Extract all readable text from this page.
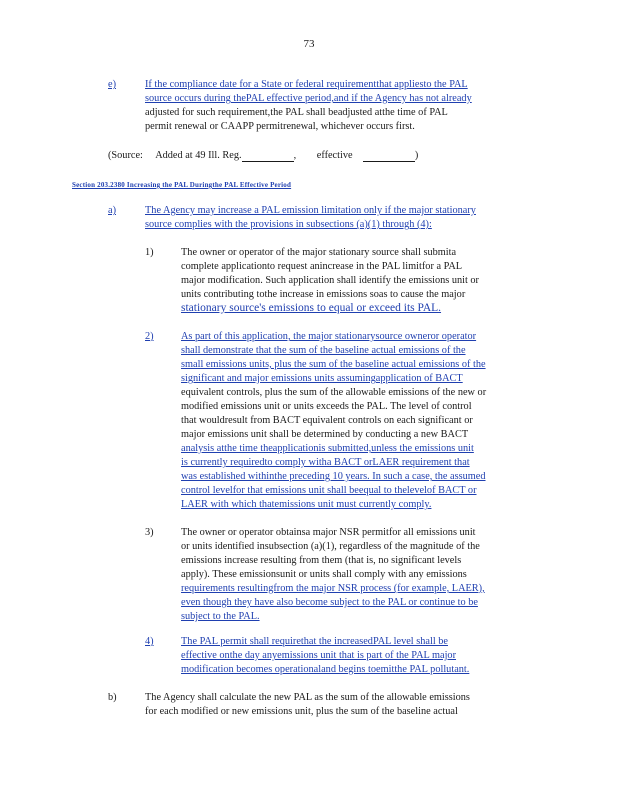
73
e)	If the compliance date for a State or federal requirementthat appliesto the PAL
source occurs during thePAL effective period,and if the Agency has not already
adjusted for such requirement,the PAL shall beadjusted atthe time of PAL
permit renewal or CAAPP permitrenewal, whichever occurs first.
(Source: Added at 49 Ill. Reg.	,        effective	)
Section 203.2380 Increasing the PAL Duringthe PAL Effective Period
a)	The Agency may increase a PAL emission limitation only if the major stationary
source complies with the provisions in subsections (a)(1) through (4):
1)	The owner or operator of the major stationary source shall submita
complete applicationto request anincrease in the PAL limitfor a PAL
major modification. Such application shall identify the emissions unit or
units contributing tothe increase in emissions soas to cause the major
stationary source's emissions to equal or exceed its PAL.
2)	As part of this application, the major stationarysource owneror operator
shall demonstrate that the sum of the baseline actual emissions of the
small emissions units, plus the sum of the baseline actual emissions of the
significant and major emissions units assumingapplication of BACT
equivalent controls, plus the sum of the allowable emissions of the new or
modified emissions unit or units exceeds the PAL. The level of control
that wouldresult from BACT equivalent controls on each significant or
major emissions unit shall be determined by conducting a new BACT
analysis atthe time theapplicationis submitted,unless the emissions unit
is currently requiredto comply witha BACT orLAER requirement that
was established withinthe preceding 10 years. In such a case, the assumed
control levelfor that emissions unit shall beequal to thelevelof BACT or
LAER with which thatemissions unit must currently comply.
3)	The owner or operator obtainsa major NSR permitfor all emissions unit
or units identified insubsection (a)(1), regardless of the magnitude of the
emissions increase resulting from them (that is, no significant levels
apply). These emissionsunit or units shall comply with any emissions
requirements resultingfrom the major NSR process (for example, LAER),
even though they have also become subject to the PAL or continue to be
subject to the PAL.
4)	The PAL permit shall requirethat the increasedPAL level shall be
effective onthe day anyemissions unit that is part of the PAL major
modification becomes operationaland begins toemitthe PAL pollutant.
b)	The Agency shall calculate the new PAL as the sum of the allowable emissions
for each modified or new emissions unit, plus the sum of the baseline actual
